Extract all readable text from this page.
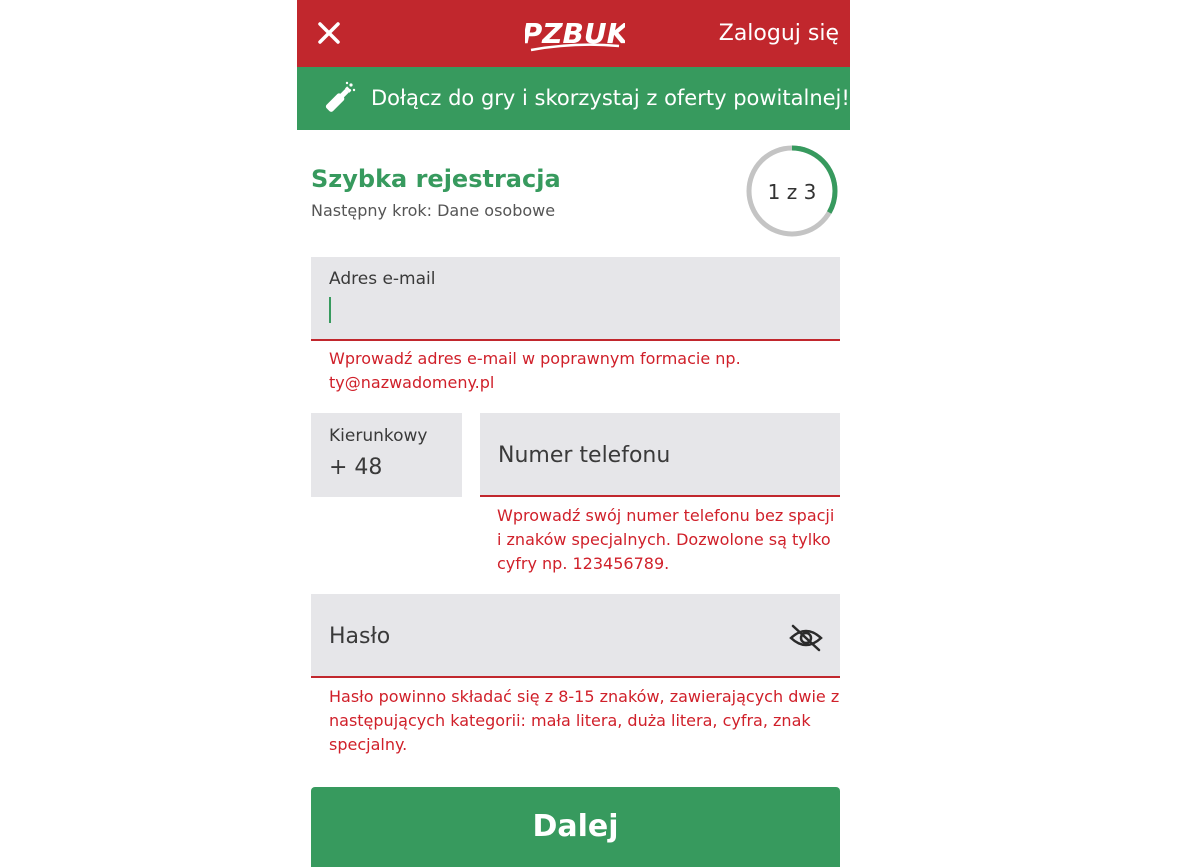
PZBUK	Zaloguj się
Dołącz do gry i skorzystaj z oferty powitalnej!
Szybka rejestracja
Następny krok: Dane osobowe
1 z 3
Adres e-mail
Wprowadź adres e-mail w poprawnym formacie np. ty@nazwadomeny.pl
Kierunkowy
+ 48	Numer telefonu
Wprowadź swój numer telefonu bez spacji i znaków specjalnych. Dozwolone są tylko cyfry np. 123456789.
Hasło
Hasło powinno składać się z 8-15 znaków, zawierających dwie z następujących kategorii: mała litera, duża litera, cyfra, znak specjalny.
Dalej
